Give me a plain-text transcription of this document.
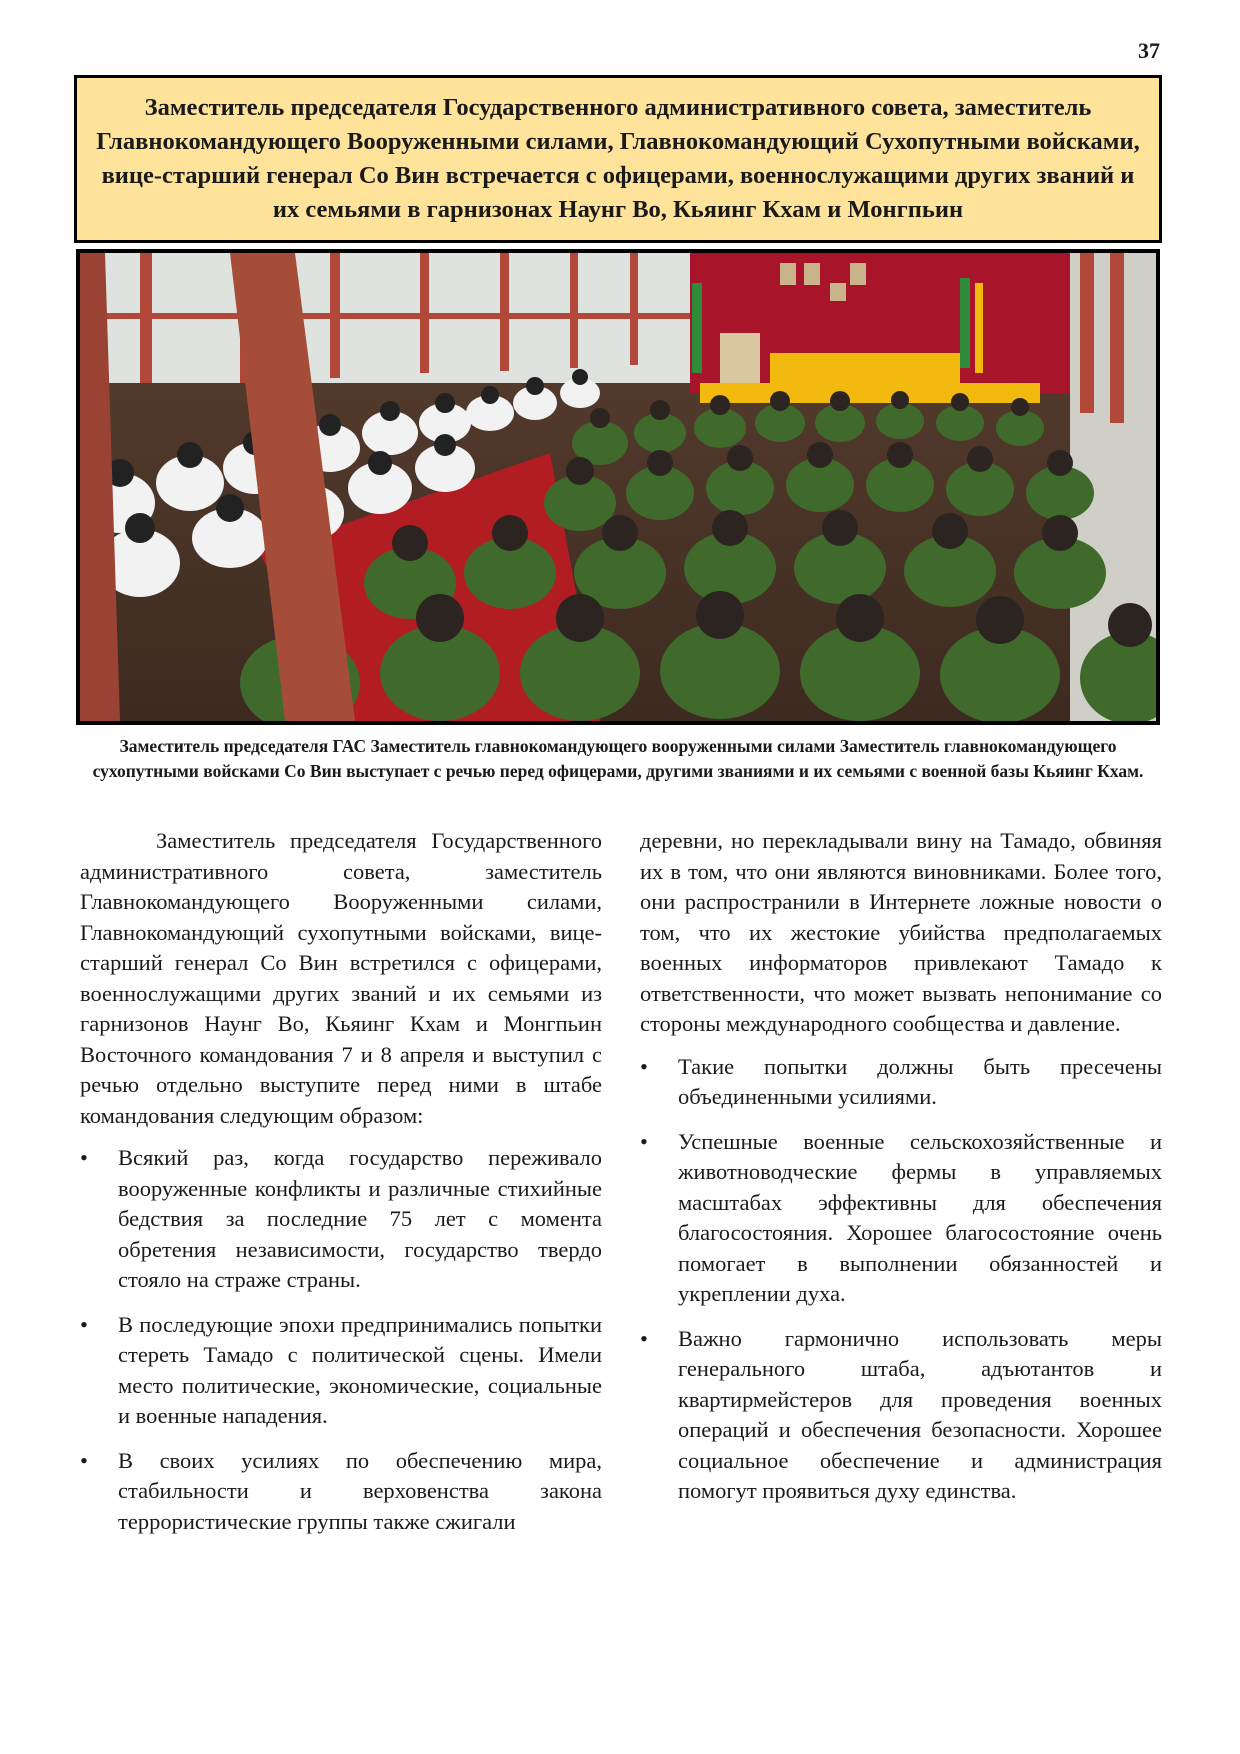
37
Заместитель председателя Государственного административного совета, заместитель Главнокомандующего Вооруженными силами, Главнокомандующий Сухопутными войсками, вице-старший генерал Со Вин встречается с офицерами, военнослужащими других званий и их семьями в гарнизонах Наунг Во, Кьяинг Кхам и Монгпьин
Заместитель председателя ГАС Заместитель главнокомандующего вооруженными силами Заместитель главнокомандующего сухопутными войсками Со Вин выступает с речью перед офицерами, другими званиями и их семьями с военной базы Кьяинг Кхам.

Заместитель председателя Государственного административного совета, заместитель Главнокомандующего Вооруженными силами, Главнокомандующий сухопутными войсками, вице-старший генерал Со Вин встретился с офицерами, военнослужащими других званий и их семьями из гарнизонов Наунг Во, Кьяинг Кхам и Монгпьин Восточного командования 7 и 8 апреля и выступил с речью отдельно выступите перед ними в штабе командования следующим образом:

•	Всякий раз, когда государство переживало вооруженные конфликты и различные стихийные бедствия за последние 75 лет с момента обретения независимости, государство твердо стояло на страже страны.
•	В последующие эпохи предпринимались попытки стереть Тамадо с политической сцены. Имели место политические, экономические, социальные и военные нападения.
•	В своих усилиях по обеспечению мира, стабильности и верховенства закона террористические группы также сжигали

деревни, но перекладывали вину на Тамадо, обвиняя их в том, что они являются виновниками. Более того, они распространили в Интернете ложные новости о том, что их жестокие убийства предполагаемых военных информаторов привлекают Тамадо к ответственности, что может вызвать непонимание со стороны международного сообщества и давление.

•	Такие попытки должны быть пресечены объединенными усилиями.
•	Успешные военные сельскохозяйственные и животноводческие фермы в управляемых масштабах эффективны для обеспечения благосостояния. Хорошее благосостояние очень помогает в выполнении обязанностей и укреплении духа.
•	Важно гармонично использовать меры генерального штаба, адъютантов и квартирмейстеров для проведения военных операций и обеспечения безопасности. Хорошее социальное обеспечение и администрация помогут проявиться духу единства.
